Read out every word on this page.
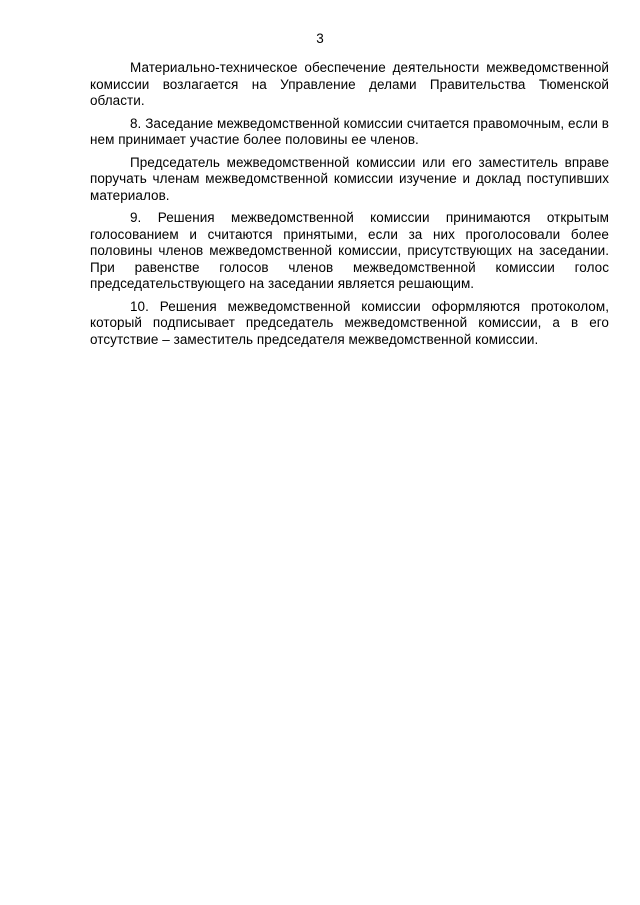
3

Материально-техническое обеспечение деятельности межведомственной комиссии возлагается на Управление делами Правительства Тюменской области.

8. Заседание межведомственной комиссии считается правомочным, если в нем принимает участие более половины ее членов.

Председатель межведомственной комиссии или его заместитель вправе поручать членам межведомственной комиссии изучение и доклад поступивших материалов.

9. Решения межведомственной комиссии принимаются открытым голосованием и считаются принятыми, если за них проголосовали более половины членов межведомственной комиссии, присутствующих на заседании. При равенстве голосов членов межведомственной комиссии голос председательствующего на заседании является решающим.

10. Решения межведомственной комиссии оформляются протоколом, который подписывает председатель межведомственной комиссии, а в его отсутствие – заместитель председателя межведомственной комиссии.
